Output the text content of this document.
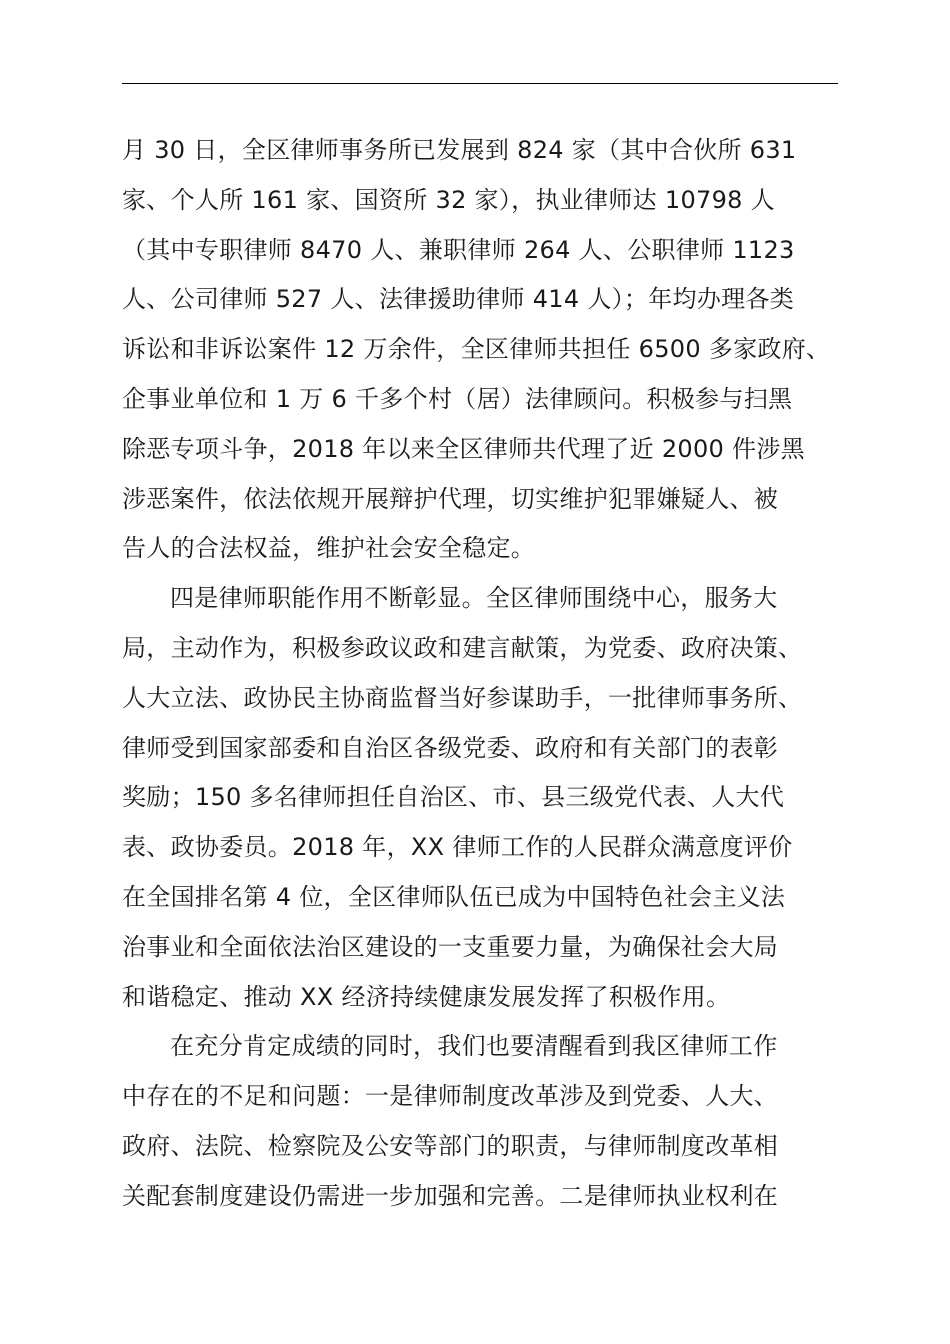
月 30 日，全区律师事务所已发展到 824 家（其中合伙所 631
家、个人所 161 家、国资所 32 家），执业律师达 10798 人
（其中专职律师 8470 人、兼职律师 264 人、公职律师 1123
人、公司律师 527 人、法律援助律师 414 人）；年均办理各类
诉讼和非诉讼案件 12 万余件，全区律师共担任 6500 多家政府、
企事业单位和 1 万 6 千多个村（居）法律顾问。积极参与扫黑
除恶专项斗争，2018 年以来全区律师共代理了近 2000 件涉黑
涉恶案件，依法依规开展辩护代理，切实维护犯罪嫌疑人、被
告人的合法权益，维护社会安全稳定。
四是律师职能作用不断彰显。全区律师围绕中心，服务大
局，主动作为，积极参政议政和建言献策，为党委、政府决策、
人大立法、政协民主协商监督当好参谋助手，一批律师事务所、
律师受到国家部委和自治区各级党委、政府和有关部门的表彰
奖励；150 多名律师担任自治区、市、县三级党代表、人大代
表、政协委员。2018 年，XX 律师工作的人民群众满意度评价
在全国排名第 4 位，全区律师队伍已成为中国特色社会主义法
治事业和全面依法治区建设的一支重要力量，为确保社会大局
和谐稳定、推动 XX 经济持续健康发展发挥了积极作用。
在充分肯定成绩的同时，我们也要清醒看到我区律师工作
中存在的不足和问题：一是律师制度改革涉及到党委、人大、
政府、法院、检察院及公安等部门的职责，与律师制度改革相
关配套制度建设仍需进一步加强和完善。二是律师执业权利在
